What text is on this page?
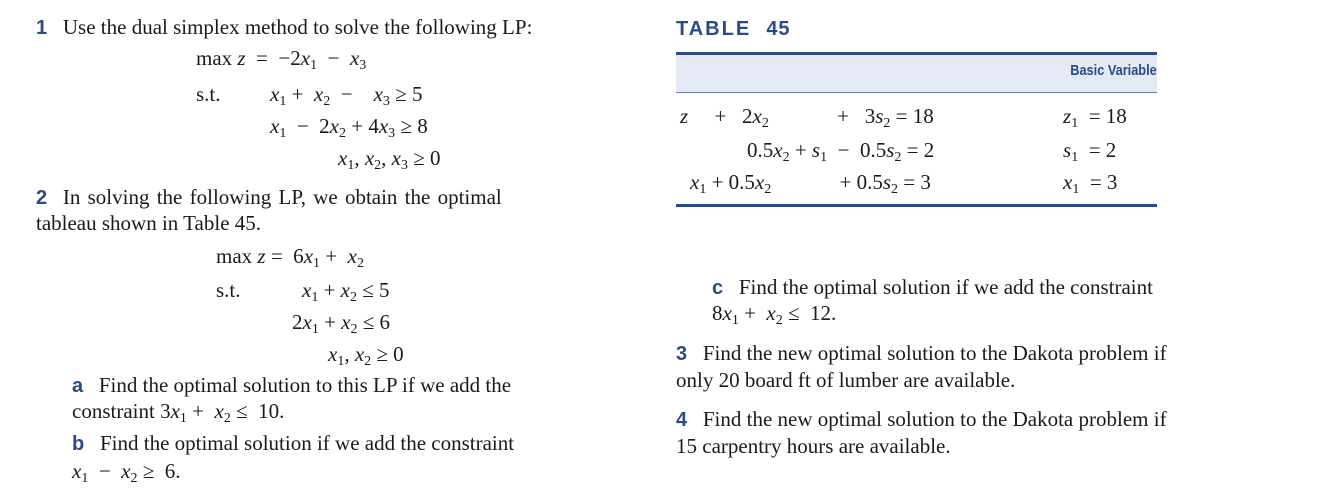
1 Use the dual simplex method to solve the following LP:
$\max z = -2x_1 - x_3$
s.t. $x_1 + x_2$  −    $x_3 \ge 5$
$x_1 - 2x_2 + 4x_3 \ge 8$
$x_1$, $x_2$, $x_3 \ge 0$
2 In solving the following LP, we obtain the optimal
tableau shown in Table 45.
$\max z = 6x_1 + x_2$
s.t.	$x_1 + x_2 \le 5$
$2x_1 + x_2 \le 6$
$x_1$, $x_2 \ge 0$
a Find the optimal solution to this LP if we add the
constraint $3x_1 + x_2 \le 10$.
b Find the optimal solution if we add the constraint
$x_1 - x_2 \ge 6$.
TABLE 45
Basic Variable
z     +   $2x_2$             +   $3s_2 = 18$	$z_1 = 18$
$0.5x_2 + s_1 - 0.5s_2 = 2$	$s_1 = 2$
$x_1 + 0.5x_2$             + $0.5s_2 = 3$	$x_1 = 3$
c Find the optimal solution if we add the constraint
$8x_1 + x_2 \le 12$.
3 Find the new optimal solution to the Dakota problem if
only 20 board ft of lumber are available.
4 Find the new optimal solution to the Dakota problem if
15 carpentry hours are available.
